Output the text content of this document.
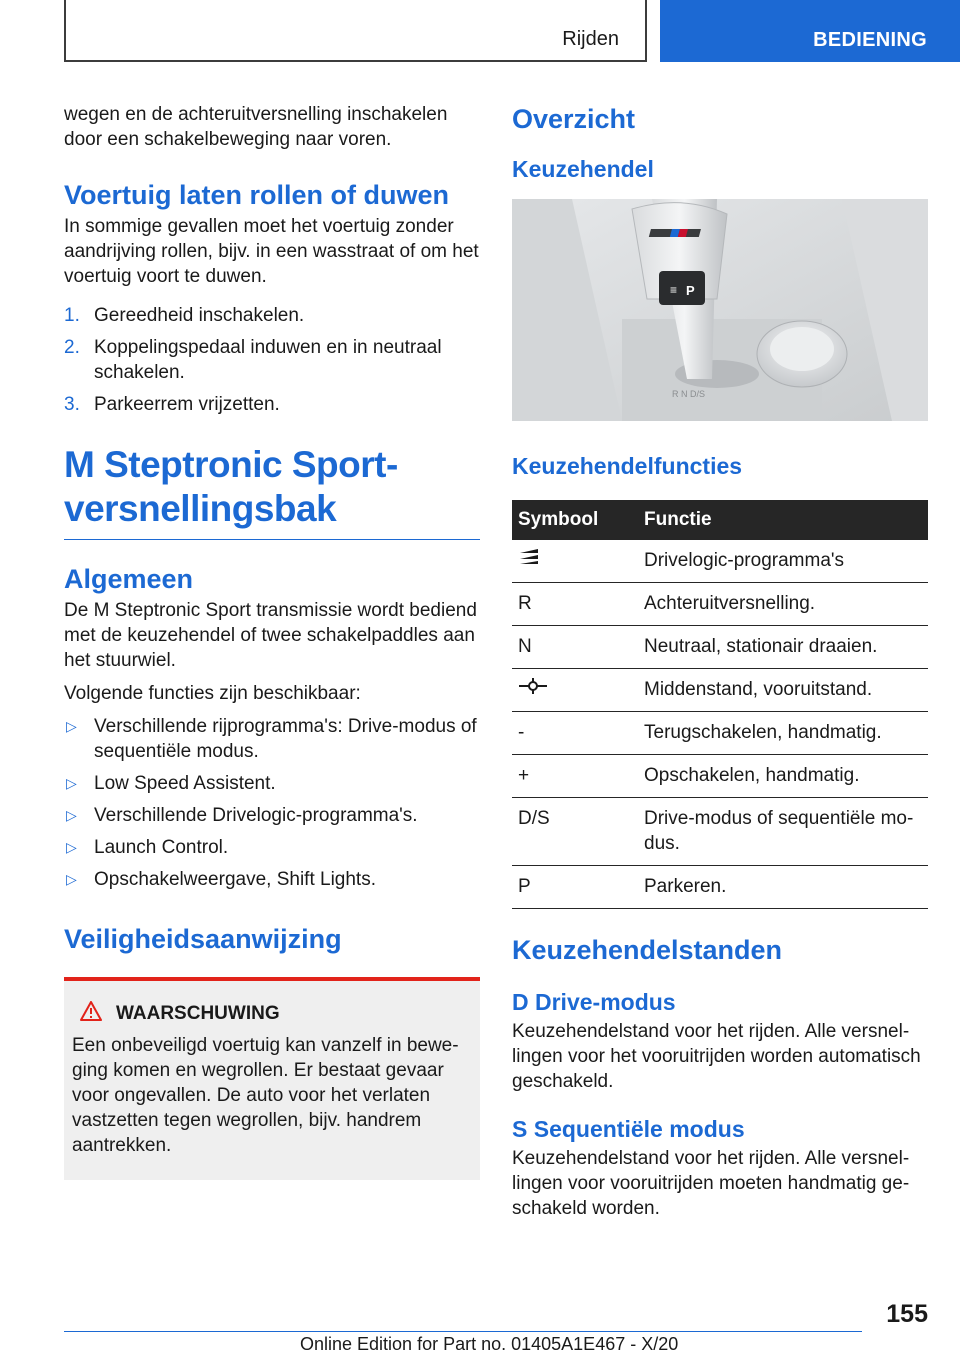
Rijden	BEDIENING

wegen en de achteruitversnelling inschakelen door een schakelbeweging naar voren.

Voertuig laten rollen of duwen

In sommige gevallen moet het voertuig zonder aandrijving rollen, bijv. in een wasstraat of om het voertuig voort te duwen.

1. Gereedheid inschakelen.
2. Koppelingspedaal induwen en in neutraal schakelen.
3. Parkeerrem vrijzetten.
M Steptronic Sportversnellingsbak
Algemeen

De M Steptronic Sport transmissie wordt bediend met de keuzehendel of twee schakelpaddles aan het stuurwiel.

Volgende functies zijn beschikbaar:

▷ Verschillende rijprogramma's: Drive-modus of sequentiële modus.
▷ Low Speed Assistent.
▷ Verschillende Drivelogic-programma's.
▷ Launch Control.
▷ Opschakelweergave, Shift Lights.
Veiligheidsaanwijzing
WAARSCHUWING

Een onbeveiligd voertuig kan vanzelf in beweging komen en wegrollen. Er bestaat gevaar voor ongevallen. De auto voor het verlaten vastzetten tegen wegrollen, bijv. handrem aantrekken.

Overzicht
Keuzehendel
≡ P
R N D/S
Keuzehendelfuncties
Symbool	Functie
	Drivelogic-programma's
R	Achteruitversnelling.
N	Neutraal, stationair draaien.
	Middenstand, vooruitstand.
-	Terugschakelen, handmatig.
+	Opschakelen, handmatig.
D/S	Drive-modus of sequentiële modus.
P	Parkeren.
Keuzehendelstanden
D Drive-modus

Keuzehendelstand voor het rijden. Alle versnellingen voor het vooruitrijden worden automatisch geschakeld.

S Sequentiële modus

Keuzehendelstand voor het rijden. Alle versnellingen voor vooruitrijden moeten handmatig geschakeld worden.

155
Online Edition for Part no. 01405A1E467 - X/20
